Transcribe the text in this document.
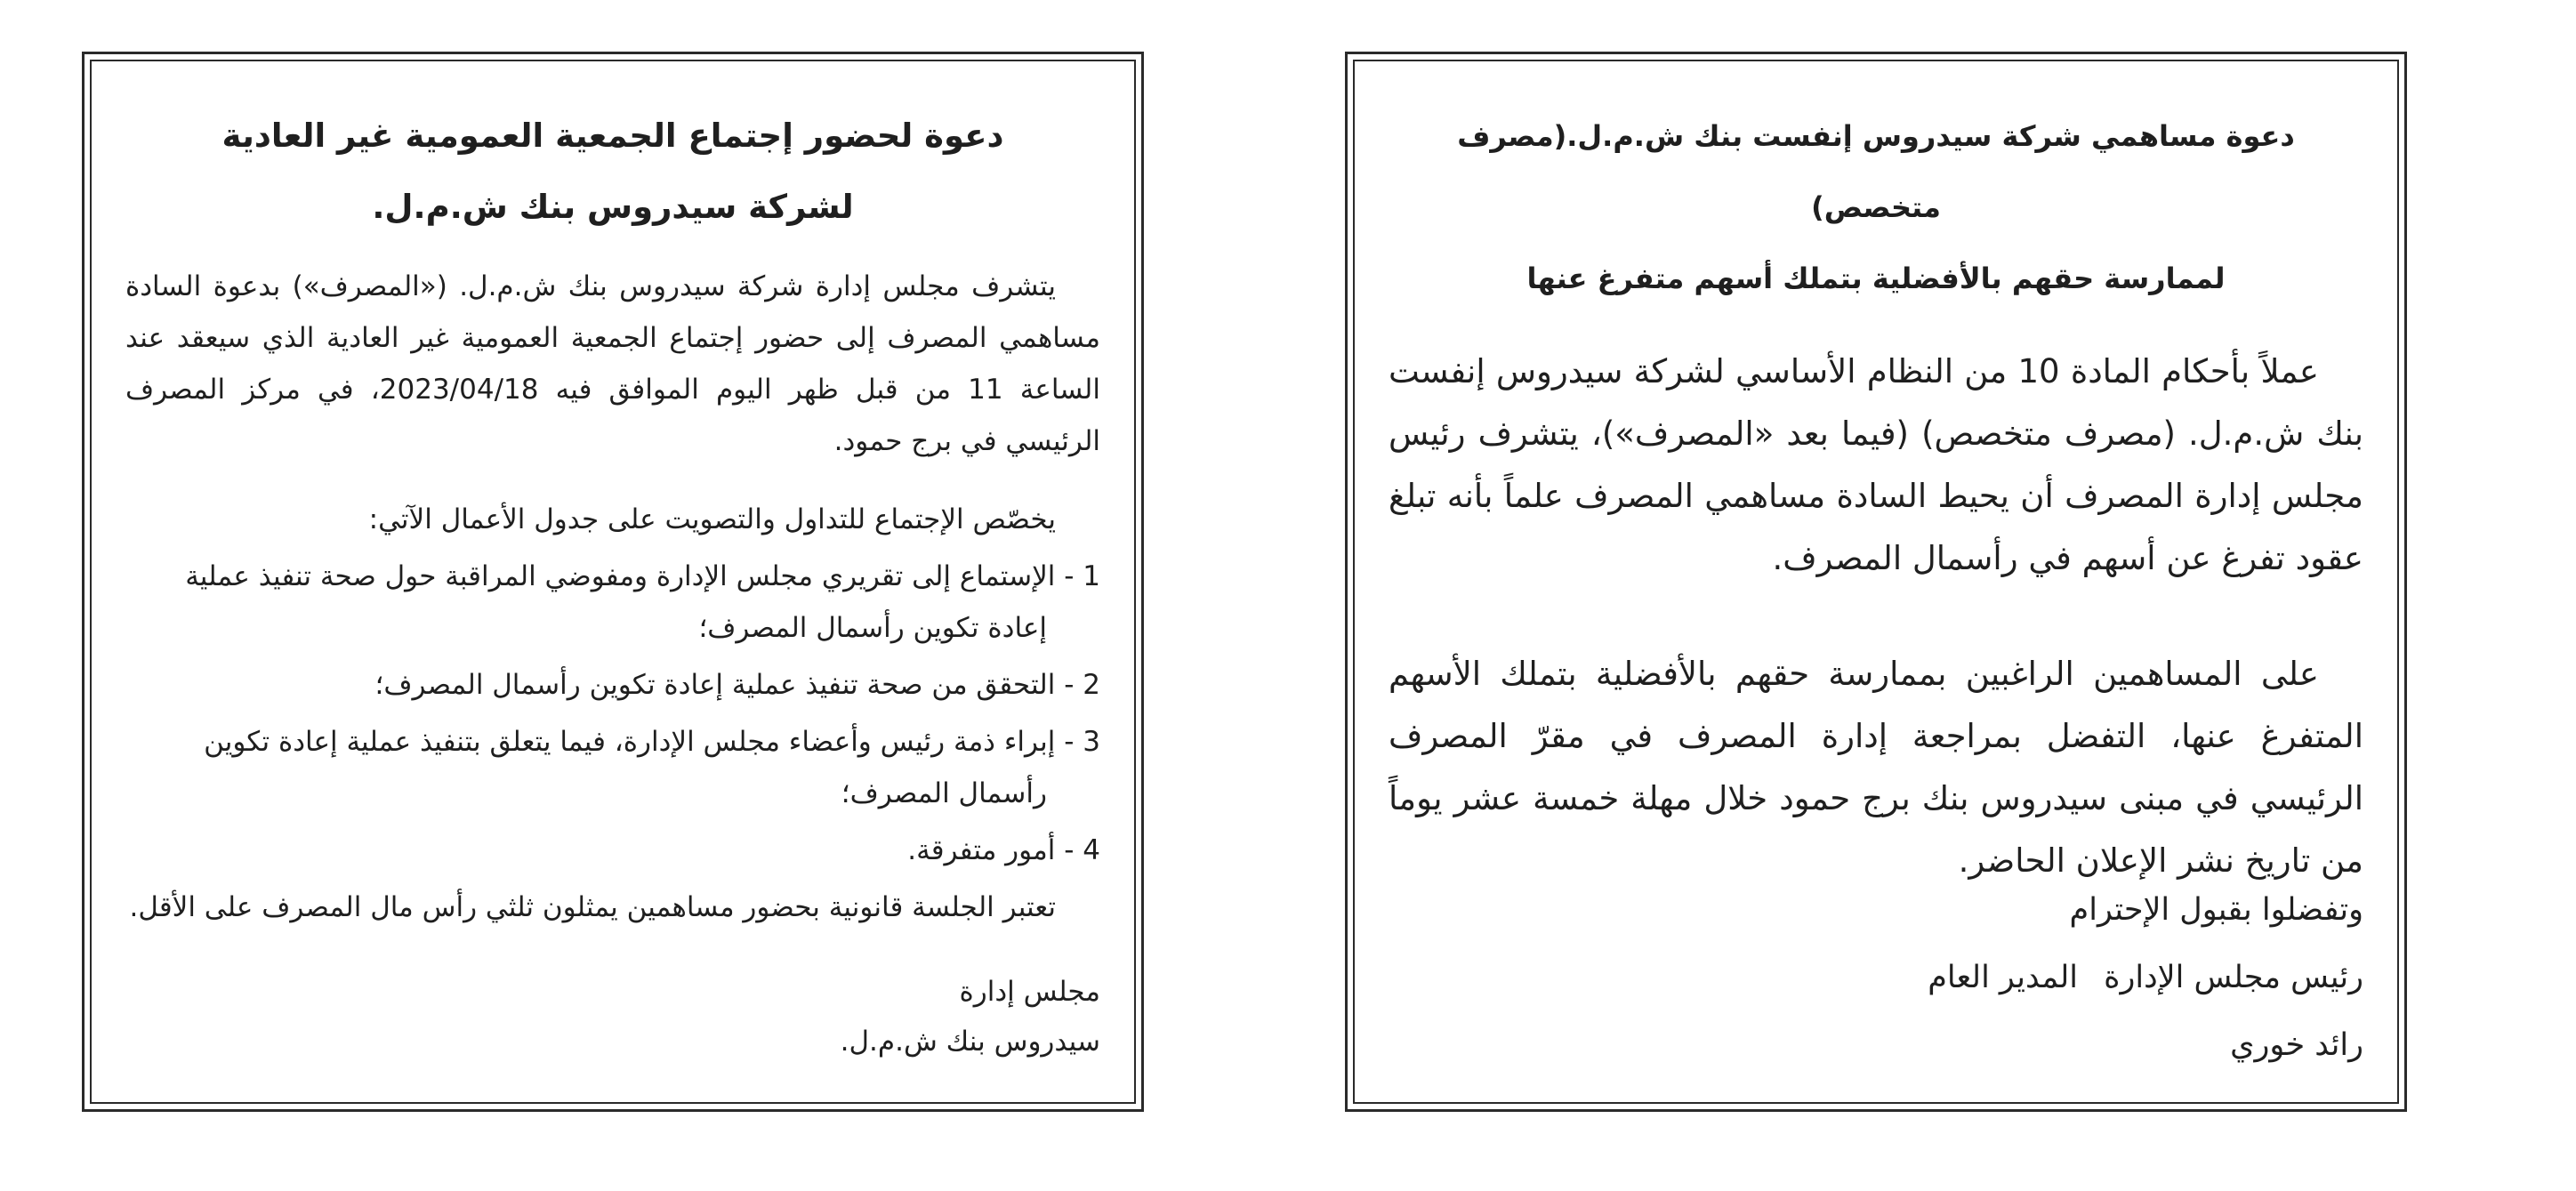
دعوة لحضور إجتماع الجمعية العمومية غير العادية
لشركة سيدروس بنك ش.م.ل.
يتشرف مجلس إدارة شركة سيدروس بنك ش.م.ل. («المصرف») بدعوة السادة مساهمي المصرف إلى حضور إجتماع الجمعية العمومية غير العادية الذي سيعقد عند الساعة 11 من قبل ظهر اليوم الموافق فيه 2023/04/18، في مركز المصرف الرئيسي في برج حمود.
يخصّص الإجتماع للتداول والتصويت على جدول الأعمال الآتي:
1 - الإستماع إلى تقريري مجلس الإدارة ومفوضي المراقبة حول صحة تنفيذ عملية إعادة تكوين رأسمال المصرف؛
2 - التحقق من صحة تنفيذ عملية إعادة تكوين رأسمال المصرف؛
3 - إبراء ذمة رئيس وأعضاء مجلس الإدارة، فيما يتعلق بتنفيذ عملية إعادة تكوين رأسمال المصرف؛
4 - أمور متفرقة.
تعتبر الجلسة قانونية بحضور مساهمين يمثلون ثلثي رأس مال المصرف على الأقل.
مجلس إدارة
سيدروس بنك ش.م.ل.
دعوة مساهمي شركة سيدروس إنفست بنك ش.م.ل.(مصرف متخصص)
لممارسة حقهم بالأفضلية بتملك أسهم متفرغ عنها
عملاً بأحكام المادة 10 من النظام الأساسي لشركة سيدروس إنفست بنك ش.م.ل. (مصرف متخصص) (فيما بعد «المصرف»)، يتشرف رئيس مجلس إدارة المصرف أن يحيط السادة مساهمي المصرف علماً بأنه تبلغ عقود تفرغ عن أسهم في رأسمال المصرف.
على المساهمين الراغبين بممارسة حقهم بالأفضلية بتملك الأسهم المتفرغ عنها، التفضل بمراجعة إدارة المصرف في مقرّ المصرف الرئيسي في مبنى سيدروس بنك برج حمود خلال مهلة خمسة عشر يوماً من تاريخ نشر الإعلان الحاضر.
وتفضلوا بقبول الإحترام
رئيس مجلس الإدارة المدير العام
رائد خوري
